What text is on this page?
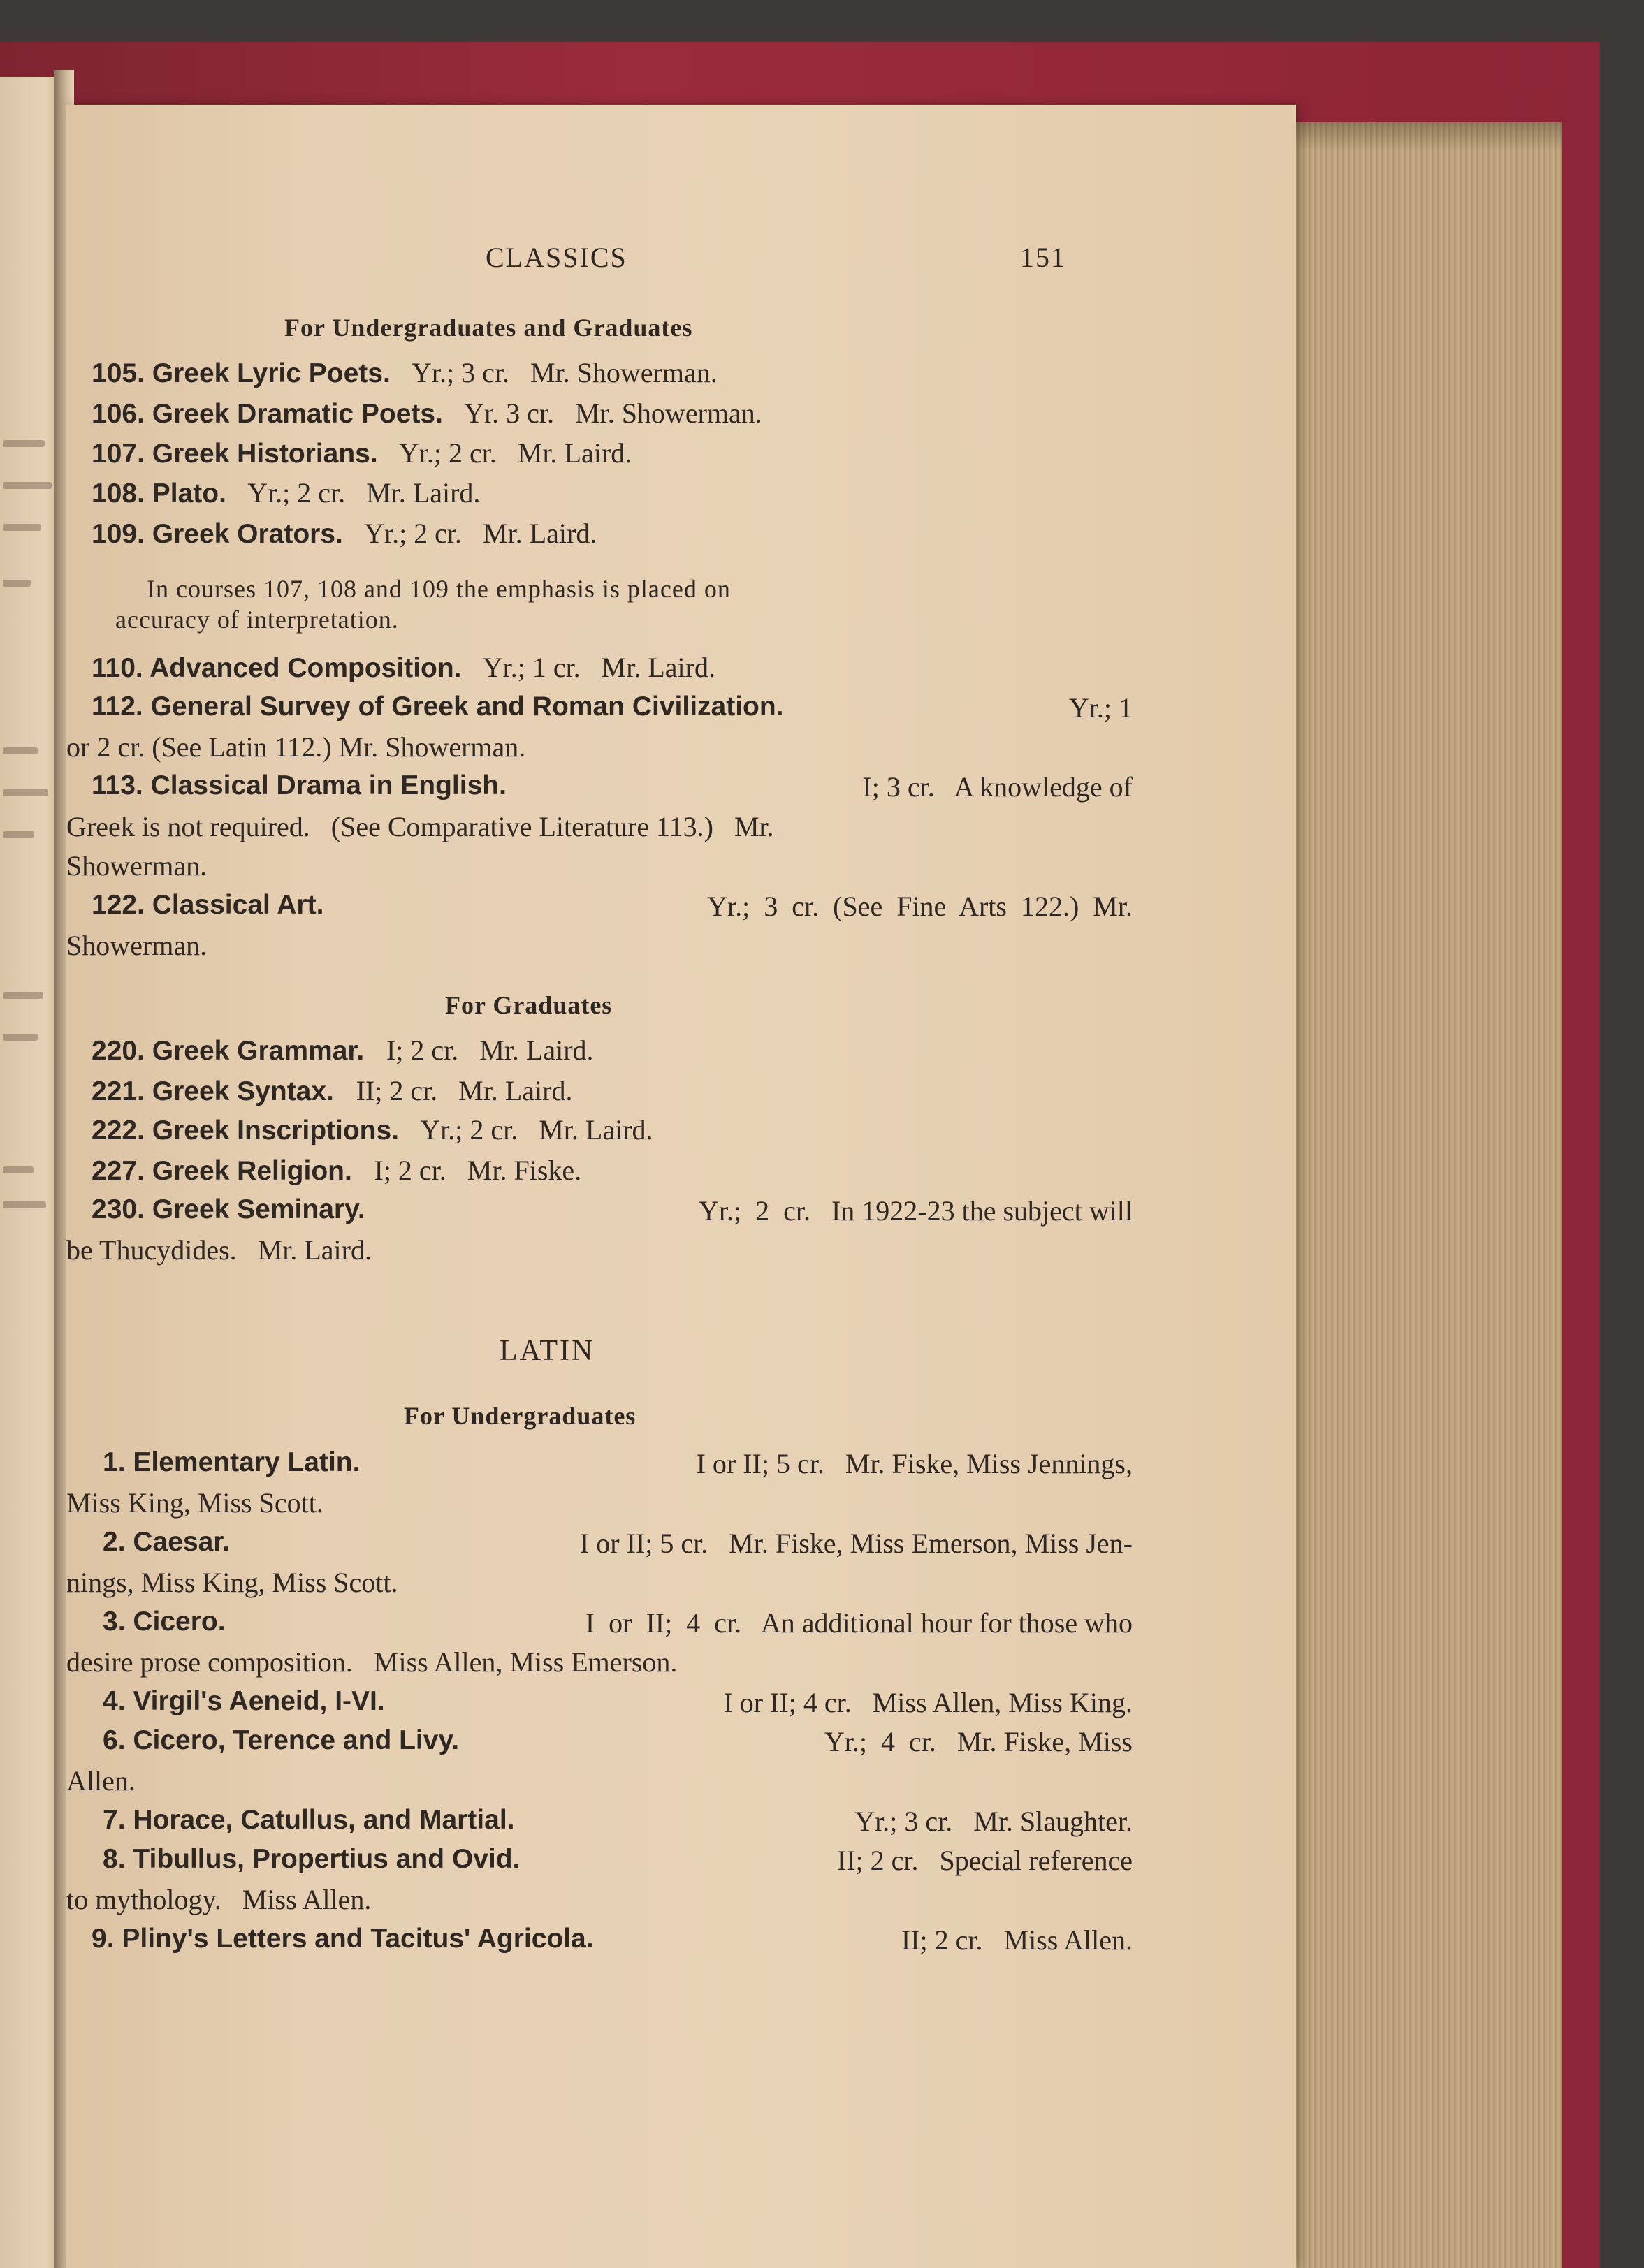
CLASSICS	151
For Undergraduates and Graduates
105. Greek Lyric Poets.   Yr.; 3 cr.   Mr. Showerman.
106. Greek Dramatic Poets.   Yr. 3 cr.   Mr. Showerman.
107. Greek Historians.   Yr.; 2 cr.   Mr. Laird.
108. Plato.   Yr.; 2 cr.   Mr. Laird.
109. Greek Orators.   Yr.; 2 cr.   Mr. Laird.
In courses 107, 108 and 109 the emphasis is placed on
accuracy of interpretation.
110. Advanced Composition.   Yr.; 1 cr.   Mr. Laird.
112. General Survey of Greek and Roman Civilization.	Yr.; 1
or 2 cr. (See Latin 112.) Mr. Showerman.
113. Classical Drama in English.	I; 3 cr.   A knowledge of
Greek is not required.   (See Comparative Literature 113.)   Mr.
Showerman.
122. Classical Art.	Yr.;  3  cr.  (See  Fine  Arts  122.)  Mr.
Showerman.
For Graduates
220. Greek Grammar.   I; 2 cr.   Mr. Laird.
221. Greek Syntax.   II; 2 cr.   Mr. Laird.
222. Greek Inscriptions.   Yr.; 2 cr.   Mr. Laird.
227. Greek Religion.   I; 2 cr.   Mr. Fiske.
230. Greek Seminary.	Yr.;  2  cr.   In 1922-23 the subject will
be Thucydides.   Mr. Laird.
LATIN
For Undergraduates
1. Elementary Latin.	I or II; 5 cr.   Mr. Fiske, Miss Jennings,
Miss King, Miss Scott.
2. Caesar.	I or II; 5 cr.   Mr. Fiske, Miss Emerson, Miss Jen-
nings, Miss King, Miss Scott.
3. Cicero.	I  or  II;  4  cr.   An additional hour for those who
desire prose composition.   Miss Allen, Miss Emerson.
4. Virgil's Aeneid, I-VI.	I or II; 4 cr.   Miss Allen, Miss King.
6. Cicero, Terence and Livy.	Yr.;  4  cr.   Mr. Fiske, Miss
Allen.
7. Horace, Catullus, and Martial.	Yr.; 3 cr.   Mr. Slaughter.
8. Tibullus, Propertius and Ovid.	II; 2 cr.   Special reference
to mythology.   Miss Allen.
9. Pliny's Letters and Tacitus' Agricola.	II; 2 cr.   Miss Allen.
